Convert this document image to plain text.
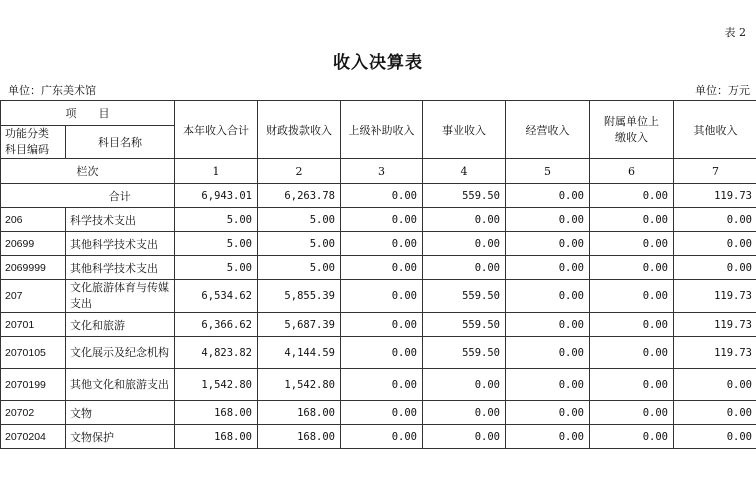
表 2
收入决算表
单位：广东美术馆	单位：万元
项　　目		本年收入合计	财政拨款收入	上级补助收入	事业收入	经营收入	附属单位上缴收入	其他收入
功能分类
科目编码	科目名称							
栏次		1	2	3	4	5	6	7
	合计	6,943.01	6,263.78	0.00	559.50	0.00	0.00	119.73
206	科学技术支出	5.00	5.00	0.00	0.00	0.00	0.00	0.00
20699	其他科学技术支出	5.00	5.00	0.00	0.00	0.00	0.00	0.00
2069999	其他科学技术支出	5.00	5.00	0.00	0.00	0.00	0.00	0.00
207	文化旅游体育与传媒支出	6,534.62	5,855.39	0.00	559.50	0.00	0.00	119.73
20701	文化和旅游	6,366.62	5,687.39	0.00	559.50	0.00	0.00	119.73
2070105	文化展示及纪念机构	4,823.82	4,144.59	0.00	559.50	0.00	0.00	119.73
2070199	其他文化和旅游支出	1,542.80	1,542.80	0.00	0.00	0.00	0.00	0.00
20702	文物	168.00	168.00	0.00	0.00	0.00	0.00	0.00
2070204	文物保护	168.00	168.00	0.00	0.00	0.00	0.00	0.00
